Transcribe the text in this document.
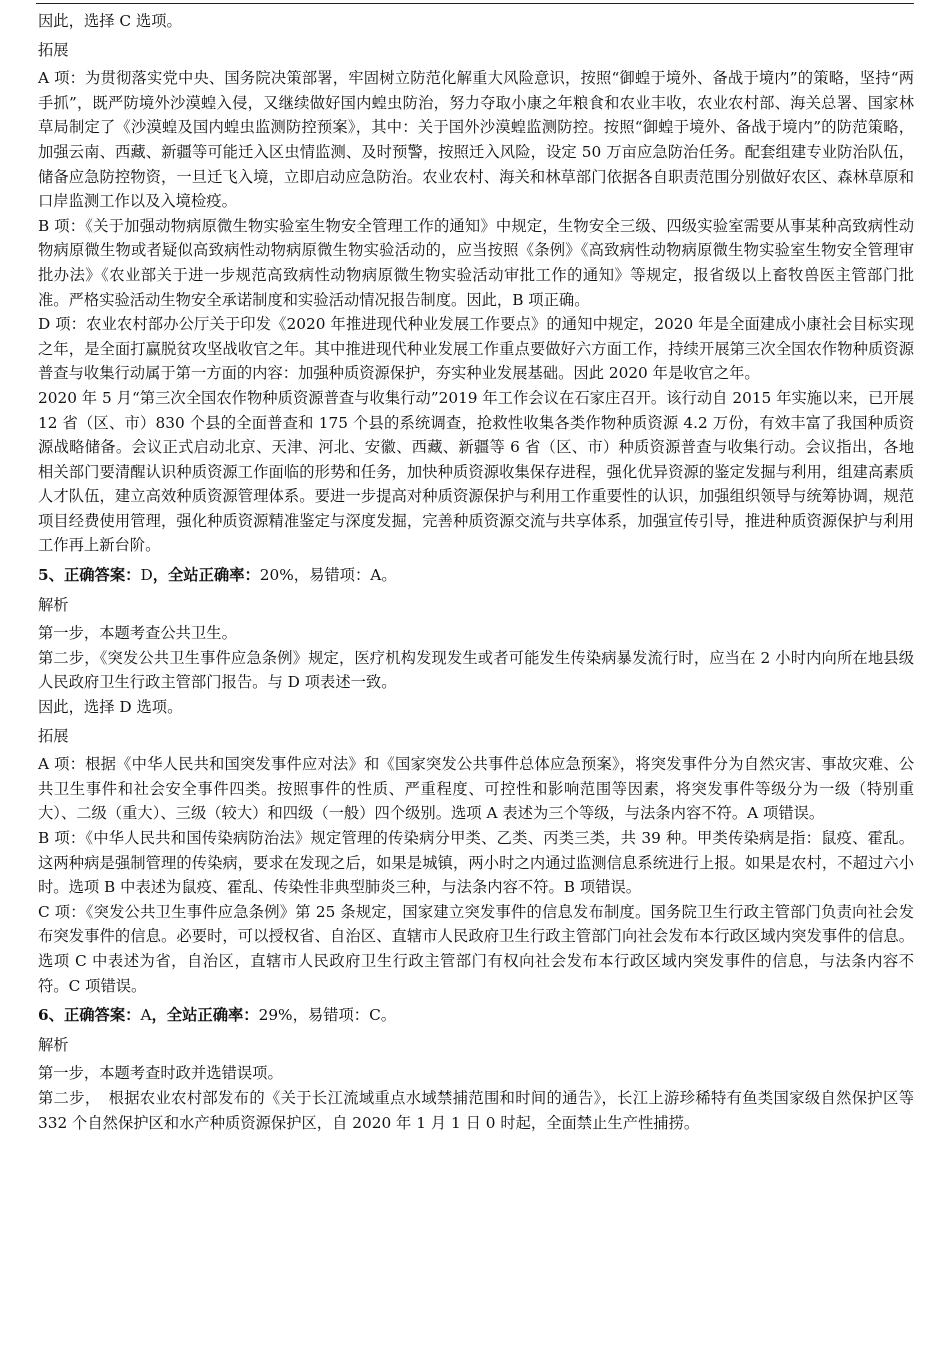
因此，选择 C 选项。

拓展

A 项：为贯彻落实党中央、国务院决策部署，牢固树立防范化解重大风险意识，按照“御蝗于境外、备战于境内”的策略，坚持“两手抓”，既严防境外沙漠蝗入侵，又继续做好国内蝗虫防治，努力夺取小康之年粮食和农业丰收，农业农村部、海关总署、国家林草局制定了《沙漠蝗及国内蝗虫监测防控预案》，其中：关于国外沙漠蝗监测防控。按照“御蝗于境外、备战于境内”的防范策略，加强云南、西藏、新疆等可能迁入区虫情监测、及时预警，按照迁入风险，设定 50 万亩应急防治任务。配套组建专业防治队伍，储备应急防控物资，一旦迁飞入境，立即启动应急防治。农业农村、海关和林草部门依据各自职责范围分别做好农区、森林草原和口岸监测工作以及入境检疫。

B 项：《关于加强动物病原微生物实验室生物安全管理工作的通知》中规定，生物安全三级、四级实验室需要从事某种高致病性动物病原微生物或者疑似高致病性动物病原微生物实验活动的，应当按照《条例》《高致病性动物病原微生物实验室生物安全管理审批办法》《农业部关于进一步规范高致病性动物病原微生物实验活动审批工作的通知》等规定，报省级以上畜牧兽医主管部门批准。严格实验活动生物安全承诺制度和实验活动情况报告制度。因此，B 项正确。

D 项：农业农村部办公厅关于印发《2020 年推进现代种业发展工作要点》的通知中规定，2020 年是全面建成小康社会目标实现之年，是全面打赢脱贫攻坚战收官之年。其中推进现代种业发展工作重点要做好六方面工作，持续开展第三次全国农作物种质资源普查与收集行动属于第一方面的内容：加强种质资源保护，夯实种业发展基础。因此 2020 年是收官之年。

2020 年 5 月“第三次全国农作物种质资源普查与收集行动”2019 年工作会议在石家庄召开。该行动自 2015 年实施以来，已开展 12 省（区、市）830 个县的全面普查和 175 个县的系统调查，抢救性收集各类作物种质资源 4.2 万份，有效丰富了我国种质资源战略储备。会议正式启动北京、天津、河北、安徽、西藏、新疆等 6 省（区、市）种质资源普查与收集行动。会议指出，各地相关部门要清醒认识种质资源工作面临的形势和任务，加快种质资源收集保存进程，强化优异资源的鉴定发掘与利用，组建高素质人才队伍，建立高效种质资源管理体系。要进一步提高对种质资源保护与利用工作重要性的认识，加强组织领导与统筹协调，规范项目经费使用管理，强化种质资源精准鉴定与深度发掘，完善种质资源交流与共享体系，加强宣传引导，推进种质资源保护与利用工作再上新台阶。

5、正确答案：D，全站正确率：20%，易错项：A。

解析

第一步，本题考查公共卫生。

第二步，《突发公共卫生事件应急条例》规定，医疗机构发现发生或者可能发生传染病暴发流行时，应当在 2 小时内向所在地县级人民政府卫生行政主管部门报告。与 D 项表述一致。

因此，选择 D 选项。

拓展

A 项：根据《中华人民共和国突发事件应对法》和《国家突发公共事件总体应急预案》，将突发事件分为自然灾害、事故灾难、公共卫生事件和社会安全事件四类。按照事件的性质、严重程度、可控性和影响范围等因素，将突发事件等级分为一级（特别重大）、二级（重大）、三级（较大）和四级（一般）四个级别。选项 A 表述为三个等级，与法条内容不符。A 项错误。

B 项：《中华人民共和国传染病防治法》规定管理的传染病分甲类、乙类、丙类三类，共 39 种。甲类传染病是指：鼠疫、霍乱。这两种病是强制管理的传染病，要求在发现之后，如果是城镇，两小时之内通过监测信息系统进行上报。如果是农村，不超过六小时。选项 B 中表述为鼠疫、霍乱、传染性非典型肺炎三种，与法条内容不符。B 项错误。

C 项：《突发公共卫生事件应急条例》第 25 条规定，国家建立突发事件的信息发布制度。国务院卫生行政主管部门负责向社会发布突发事件的信息。必要时，可以授权省、自治区、直辖市人民政府卫生行政主管部门向社会发布本行政区域内突发事件的信息。选项 C 中表述为省，自治区，直辖市人民政府卫生行政主管部门有权向社会发布本行政区域内突发事件的信息，与法条内容不符。C 项错误。

6、正确答案：A，全站正确率：29%，易错项：C。

解析

第一步，本题考查时政并选错误项。

第二步，　根据农业农村部发布的《关于长江流域重点水域禁捕范围和时间的通告》，长江上游珍稀特有鱼类国家级自然保护区等 332 个自然保护区和水产种质资源保护区，自 2020 年 1 月 1 日 0 时起，全面禁止生产性捕捞。
